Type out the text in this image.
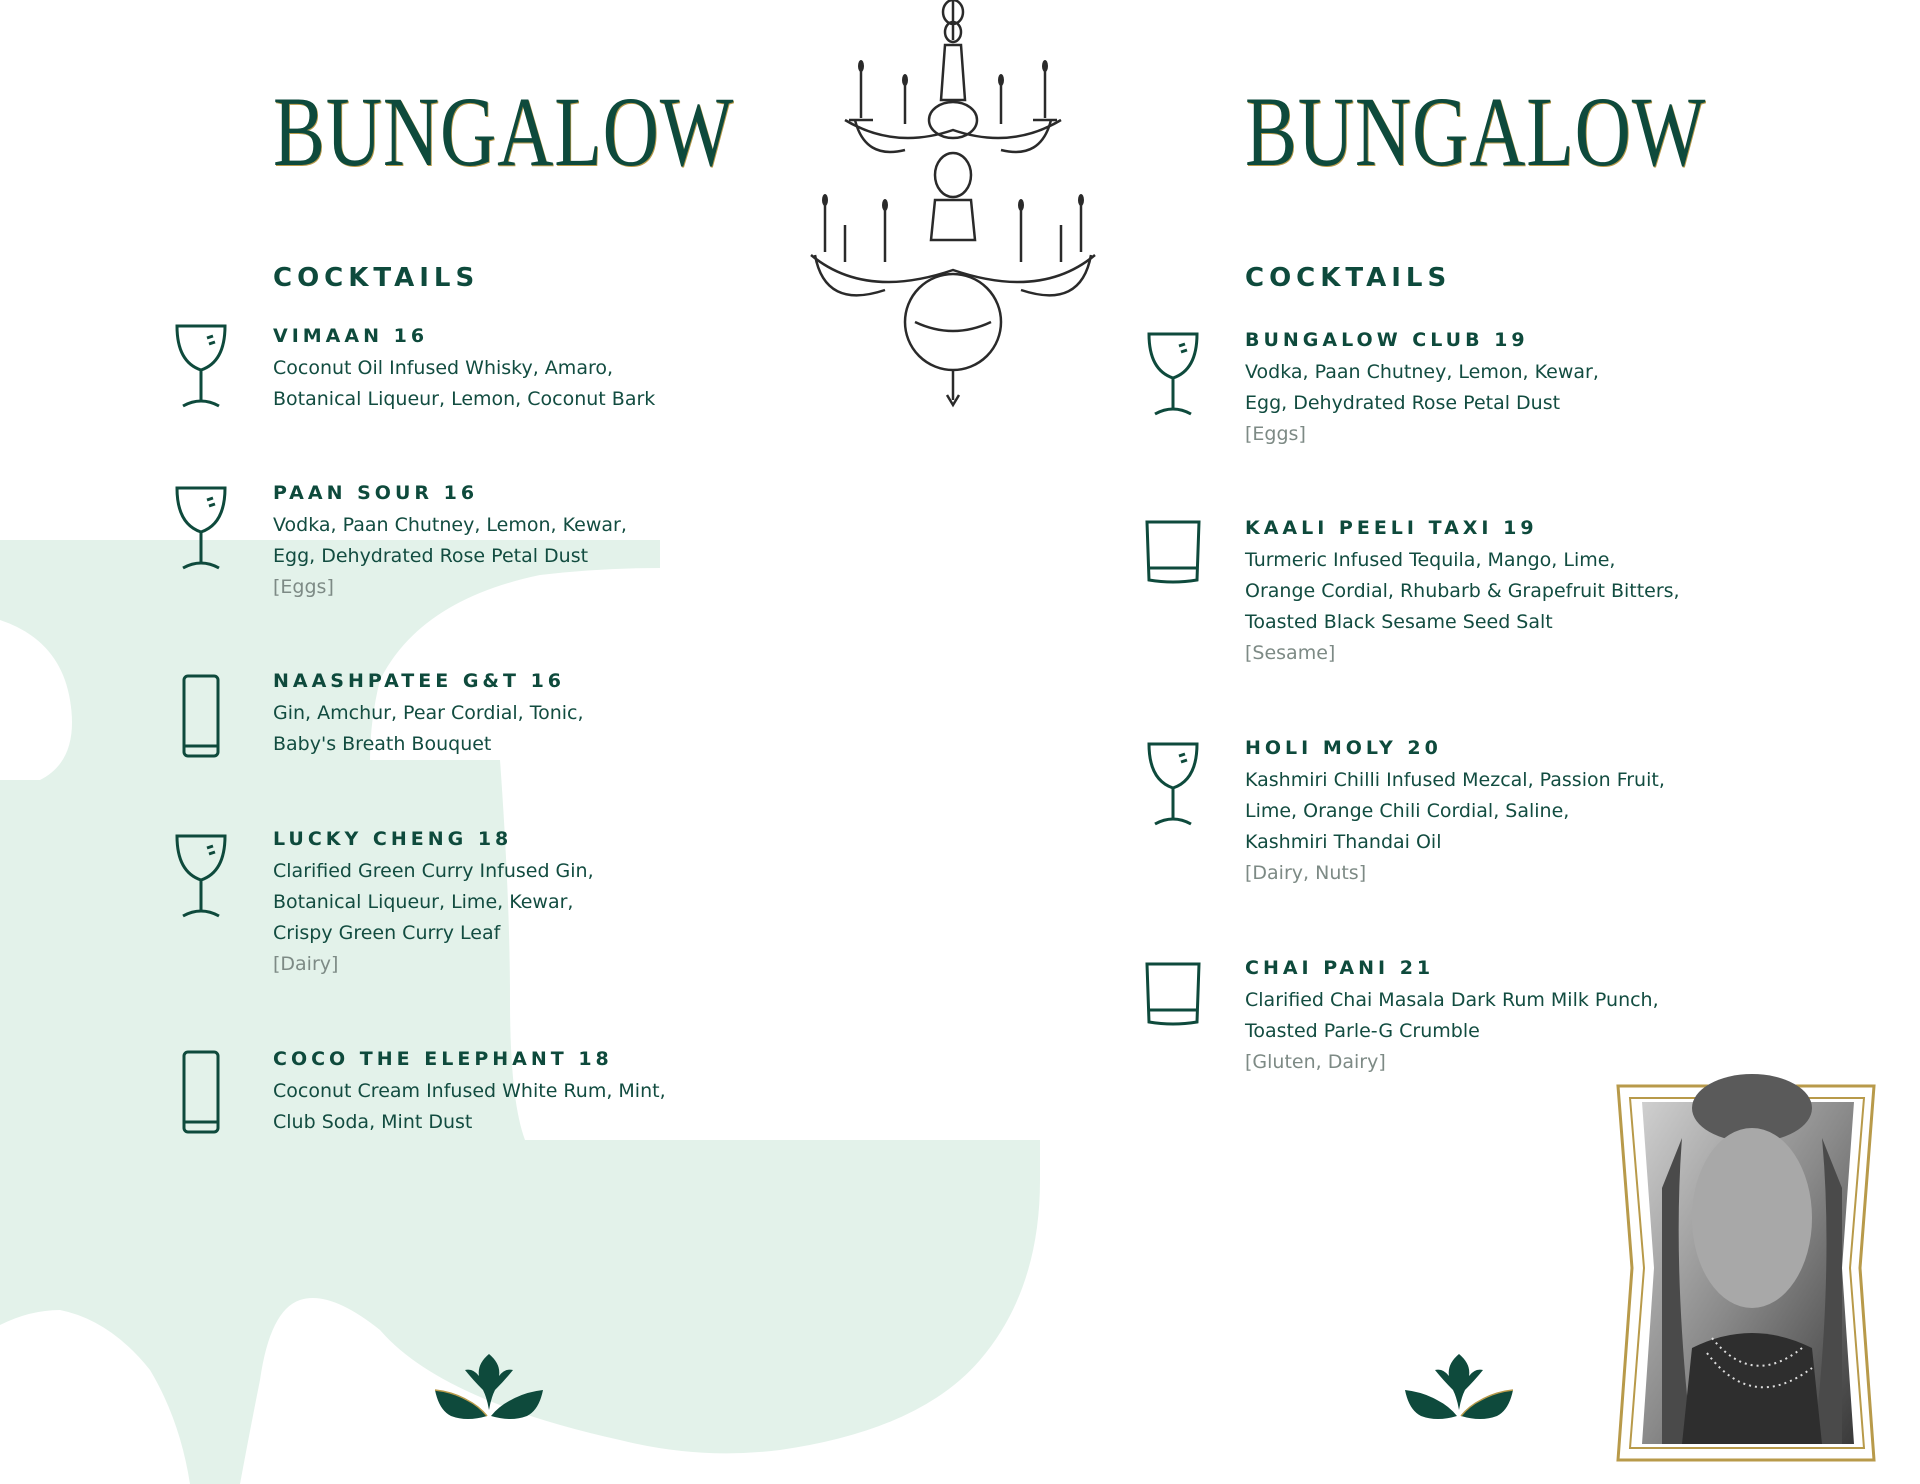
BUNGALOW	BUNGALOW
COCKTAILS	COCKTAILS
VIMAAN 16
Coconut Oil Infused Whisky, Amaro,
Botanical Liqueur, Lemon, Coconut Bark
PAAN SOUR 16
Vodka, Paan Chutney, Lemon, Kewar,
Egg, Dehydrated Rose Petal Dust
[Eggs]
NAASHPATEE G&T 16
Gin, Amchur, Pear Cordial, Tonic,
Baby's Breath Bouquet
LUCKY CHENG 18
Clarified Green Curry Infused Gin,
Botanical Liqueur, Lime, Kewar,
Crispy Green Curry Leaf
[Dairy]
COCO THE ELEPHANT 18
Coconut Cream Infused White Rum, Mint,
Club Soda, Mint Dust
BUNGALOW CLUB 19
Vodka, Paan Chutney, Lemon, Kewar,
Egg, Dehydrated Rose Petal Dust
[Eggs]
KAALI PEELI TAXI 19
Turmeric Infused Tequila, Mango, Lime,
Orange Cordial, Rhubarb & Grapefruit Bitters,
Toasted Black Sesame Seed Salt
[Sesame]
HOLI MOLY 20
Kashmiri Chilli Infused Mezcal, Passion Fruit,
Lime, Orange Chili Cordial, Saline,
Kashmiri Thandai Oil
[Dairy, Nuts]
CHAI PANI 21
Clarified Chai Masala Dark Rum Milk Punch,
Toasted Parle-G Crumble
[Gluten, Dairy]
